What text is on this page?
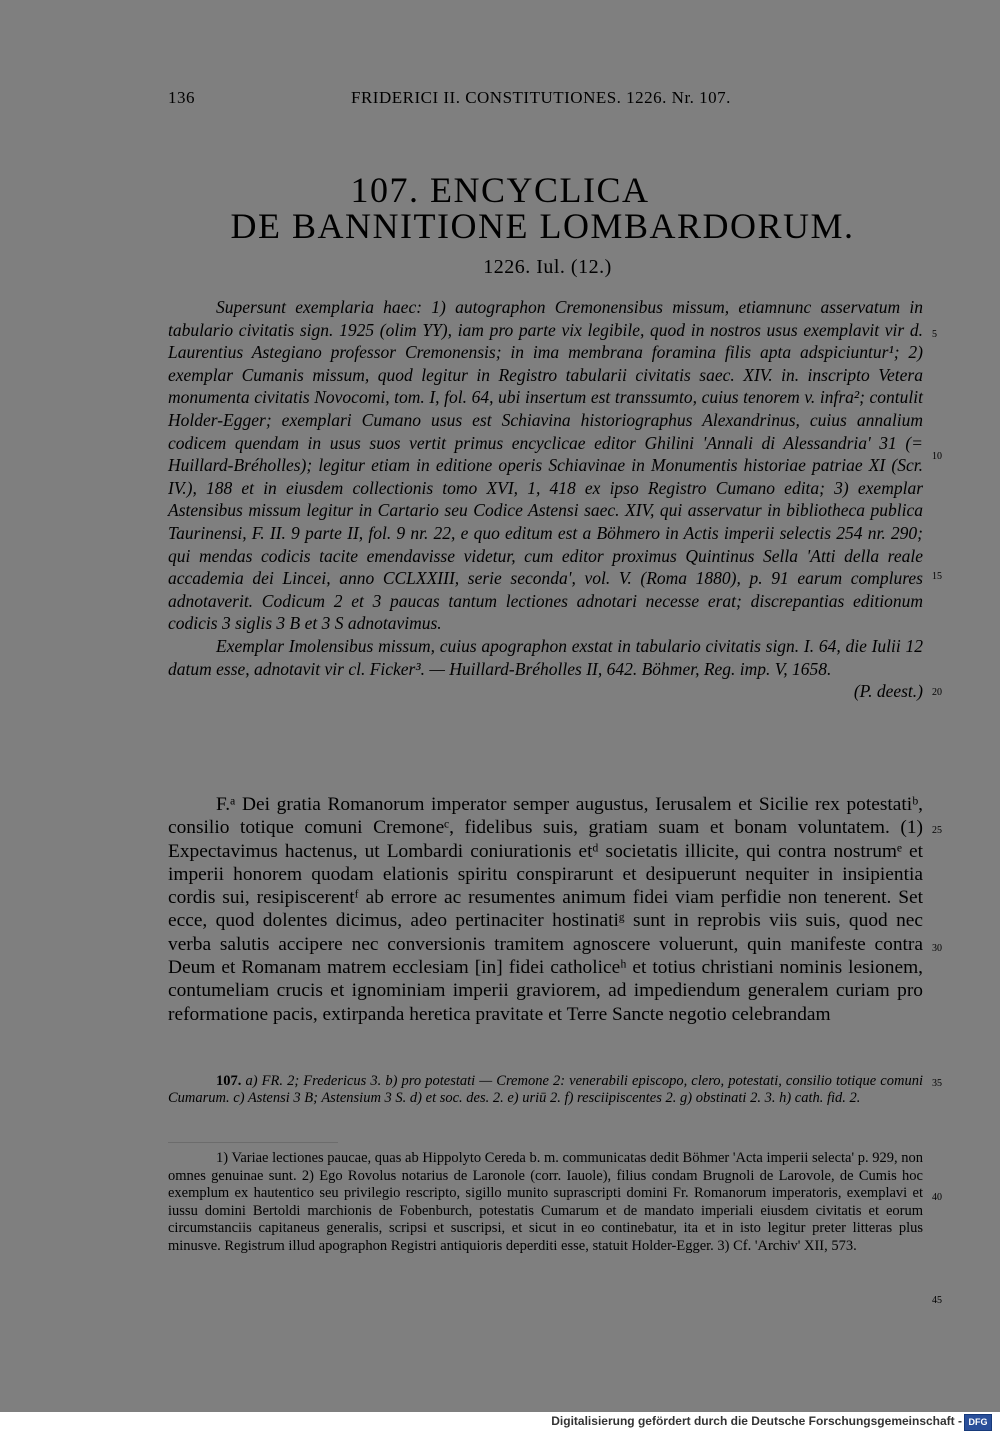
136	FRIDERICI II. CONSTITUTIONES. 1226. Nr. 107.
107. ENCYCLICA
DE BANNITIONE LOMBARDORUM.
1226. Iul. (12.)

Supersunt exemplaria haec: 1) autographon Cremonensibus missum, etiamnunc asservatum in tabulario civitatis sign. 1925 (olim YY), iam pro parte vix legibile, quod in nostros usus exemplavit vir d. Laurentius Astegiano professor Cremonensis; in ima membrana foramina filis apta adspiciuntur¹; 2) exemplar Cumanis missum, quod legitur in Registro tabularii civitatis saec. XIV. in. inscripto Vetera monumenta civitatis Novocomi, tom. I, fol. 64, ubi insertum est transsumto, cuius tenorem v. infra²; contulit Holder-Egger; exemplari Cumano usus est Schiavina historiographus Alexandrinus, cuius annalium codicem quendam in usus suos vertit primus encyclicae editor Ghilini 'Annali di Alessandria' 31 (= Huillard-Bréholles); legitur etiam in editione operis Schiavinae in Monumentis historiae patriae XI (Scr. IV.), 188 et in eiusdem collectionis tomo XVI, 1, 418 ex ipso Registro Cumano edita; 3) exemplar Astensibus missum legitur in Cartario seu Codice Astensi saec. XIV, qui asservatur in bibliotheca publica Taurinensi, F. II. 9 parte II, fol. 9 nr. 22, e quo editum est a Böhmero in Actis imperii selectis 254 nr. 290; qui mendas codicis tacite emendavisse videtur, cum editor proximus Quintinus Sella 'Atti della reale accademia dei Lincei, anno CCLXXIII, serie seconda', vol. V. (Roma 1880), p. 91 earum complures adnotaverit. Codicum 2 et 3 paucas tantum lectiones adnotari necesse erat; discrepantias editionum codicis 3 siglis 3 B et 3 S adnotavimus.

Exemplar Imolensibus missum, cuius apographon exstat in tabulario civitatis sign. I. 64, die Iulii 12 datum esse, adnotavit vir cl. Ficker³. — Huillard-Bréholles II, 642. Böhmer, Reg. imp. V, 1658.
(P. deest.)

F.ᵃ Dei gratia Romanorum imperator semper augustus, Ierusalem et Sicilie rex potestatiᵇ, consilio totique comuni Cremoneᶜ, fidelibus suis, gratiam suam et bonam voluntatem. (1) Expectavimus hactenus, ut Lombardi coniurationis etᵈ societatis illicite, qui contra nostrumᵉ et imperii honorem quodam elationis spiritu conspirarunt et desipuerunt nequiter in insipientia cordis sui, resipiscerentᶠ ab errore ac resumentes animum fidei viam perfidie non tenerent. Set ecce, quod dolentes dicimus, adeo pertinaciter hostinatiᵍ sunt in reprobis viis suis, quod nec verba salutis accipere nec conversionis tramitem agnoscere voluerunt, quin manifeste contra Deum et Romanam matrem ecclesiam [in] fidei catholiceʰ et totius christiani nominis lesionem, contumeliam crucis et ignominiam imperii graviorem, ad impediendum generalem curiam pro reformatione pacis, extirpanda heretica pravitate et Terre Sancte negotio celebrandam

107. a) FR. 2; Fredericus 3. b) pro potestati — Cremone 2: venerabili episcopo, clero, potestati, consilio totique comuni Cumarum. c) Astensi 3 B; Astensium 3 S. d) et soc. des. 2. e) uriū 2. f) resciipiscentes 2. g) obstinati 2. 3. h) cath. fid. 2.

1) Variae lectiones paucae, quas ab Hippolyto Cereda b. m. communicatas dedit Böhmer 'Acta imperii selecta' p. 929, non omnes genuinae sunt. 2) Ego Rovolus notarius de Laronole (corr. Iauole), filius condam Brugnoli de Larovole, de Cumis hoc exemplum ex hautentico seu privilegio rescripto, sigillo munito suprascripti domini Fr. Romanorum imperatoris, exemplavi et iussu domini Bertoldi marchionis de Fobenburch, potestatis Cumarum et de mandato imperiali eiusdem civitatis et eorum circumstanciis capitaneus generalis, scripsi et suscripsi, et sicut in eo continebatur, ita et in isto legitur preter litteras plus minusve. Registrum illud apographon Registri antiquioris deperditi esse, statuit Holder-Egger. 3) Cf. 'Archiv' XII, 573.

5
10
15
20
25
30
35
40
45
Digitalisierung gefördert durch die Deutsche Forschungsgemeinschaft - DFG
